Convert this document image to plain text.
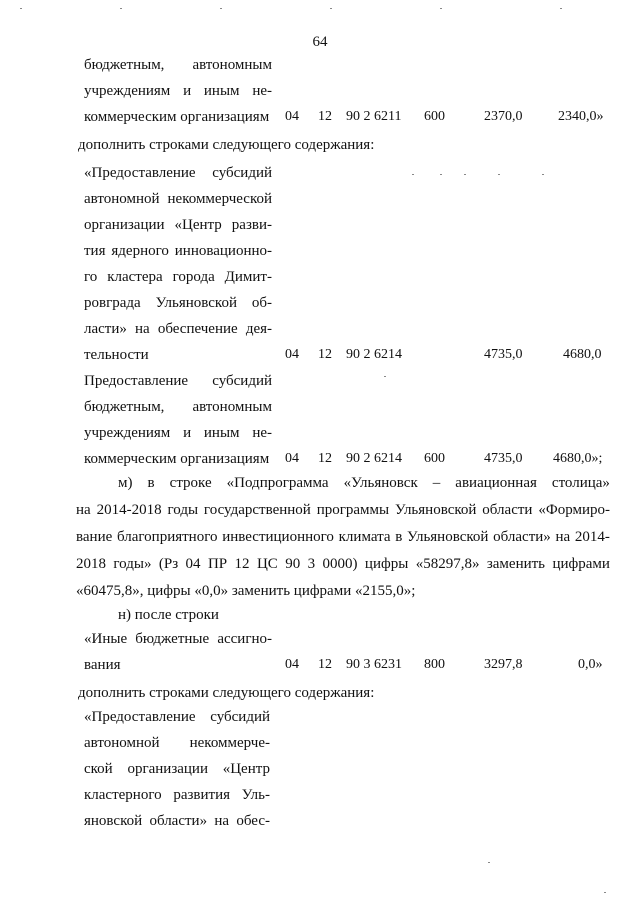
64
бюджетным, автономным
учреждениям и иным не-
коммерческим организациям 04 12 90 2 6211 600	2370,0	2340,0»
дополнить строками следующего содержания:
«Предоставление субсидий
автономной некоммерческой
организации «Центр разви-
тия ядерного инновационно-
го кластера города Димит-
ровграда Ульяновской об-
ласти» на обеспечение дея-
тельности	04 12 90 2 6214	4735,0	4680,0
Предоставление субсидий
бюджетным, автономным
учреждениям и иным не-
коммерческим организациям 04 12 90 2 6214 600	4735,0 4680,0»;
м) в строке «Подпрограмма «Ульяновск – авиационная столица»
на 2014-2018 годы государственной программы Ульяновской области «Формиро-
вание благоприятного инвестиционного климата в Ульяновской области» на 2014-
2018 годы» (Рз 04 ПР 12 ЦС 90 3 0000) цифры «58297,8» заменить цифрами
«60475,8», цифры «0,0» заменить цифрами «2155,0»;
н) после строки
«Иные бюджетные ассигно-
вания	04 12 90 3 6231 800	3297,8	0,0»
дополнить строками следующего содержания:
«Предоставление субсидий
автономной некоммерче-
ской организации «Центр
кластерного развития Уль-
яновской области» на обес-
